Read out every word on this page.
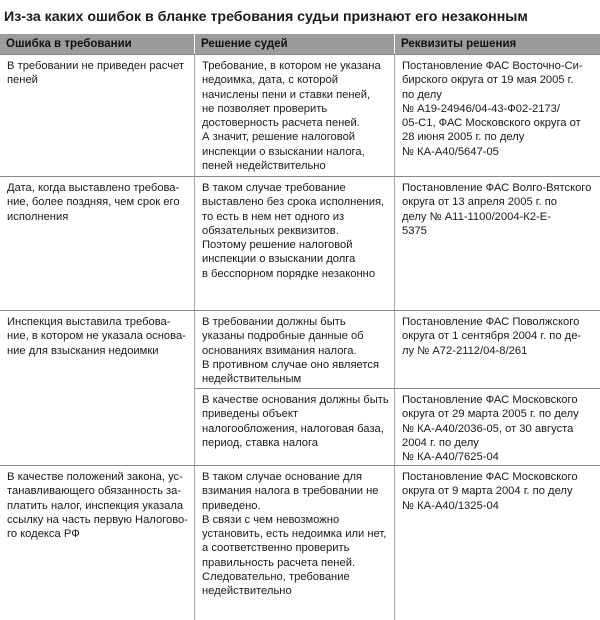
Из-за каких ошибок в бланке требования судьи признают его незаконным
Ошибка в требовании	Решение судей	Реквизиты решения
В требовании не приведен расчет
пеней
Требование, в котором не указана
недоимка, дата, с которой
начислены пени и ставки пеней,
не позволяет проверить
достоверность расчета пеней.
А значит, решение налоговой
инспекции о взыскании налога,
пеней недействительно
Постановление ФАС Восточно-Си-
бирского округа от 19 мая 2005 г.
по делу
№ А19-24946/04-43-Ф02-2173/
05-С1, ФАС Московского округа от
28 июня 2005 г. по делу
№ КА-А40/5647-05
Дата, когда выставлено требова-
ние, более поздняя, чем срок его
исполнения
В таком случае требование
выставлено без срока исполнения,
то есть в нем нет одного из
обязательных реквизитов.
Поэтому решение налоговой
инспекции о взыскании долга
в бесспорном порядке незаконно
Постановление ФАС Волго-Вятского
округа от 13 апреля 2005 г. по
делу № А11-1100/2004-К2-Е-
5375
Инспекция выставила требова-
ние, в котором не указала основа-
ние для взыскания недоимки
В требовании должны быть
указаны подробные данные об
основаниях взимания налога.
В противном случае оно является
недействительным
Постановление ФАС Поволжского
округа от 1 сентября 2004 г. по де-
лу № А72-2112/04-8/261
В качестве основания должны быть
приведены объект
налогообложения, налоговая база,
период, ставка налога
Постановление ФАС Московского
округа от 29 марта 2005 г. по делу
№ КА-А40/2036-05, от 30 августа
2004 г. по делу
№ КА-А40/7625-04
В качестве положений закона, ус-
танавливающего обязанность за-
платить налог, инспекция указала
ссылку на часть первую Налогово-
го кодекса РФ
В таком случае основание для
взимания налога в требовании не
приведено.
В связи с чем невозможно
установить, есть недоимка или нет,
а соответственно проверить
правильность расчета пеней.
Следовательно, требование
недействительно
Постановление ФАС Московского
округа от 9 марта 2004 г. по делу
№ КА-А40/1325-04
